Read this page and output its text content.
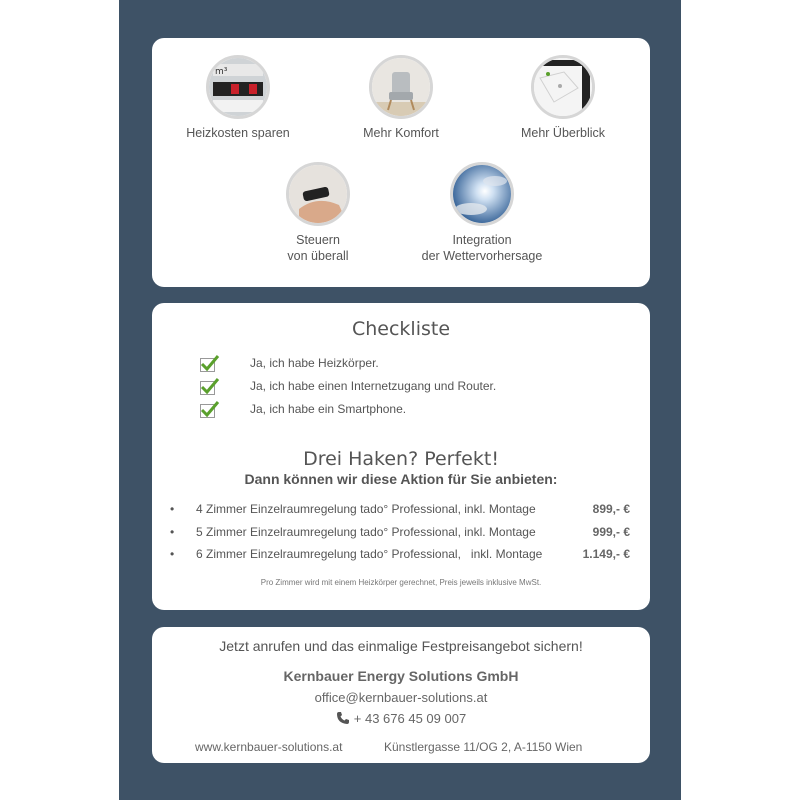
m³
Heizkosten sparen	Mehr Komfort	Mehr Überblick
Steuern
von überall
Integration
der Wettervorhersage
Checkliste
Ja, ich habe Heizkörper.
Ja, ich habe einen Internetzugang und Router.
Ja, ich habe ein Smartphone.
Drei Haken? Perfekt!
Dann können wir diese Aktion für Sie anbieten:
• 4 Zimmer Einzelraumregelung tado° Professional, inkl. Montage	899,- €
• 5 Zimmer Einzelraumregelung tado° Professional, inkl. Montage	999,- €
• 6 Zimmer Einzelraumregelung tado° Professional,   inkl. Montage	1.149,- €
Pro Zimmer wird mit einem Heizkörper gerechnet, Preis jeweils inklusive MwSt.
Jetzt anrufen und das einmalige Festpreisangebot sichern!
Kernbauer Energy Solutions GmbH
office@kernbauer-solutions.at
+ 43 676 45 09 007
www.kernbauer-solutions.at	Künstlergasse 11/OG 2, A-1150 Wien
